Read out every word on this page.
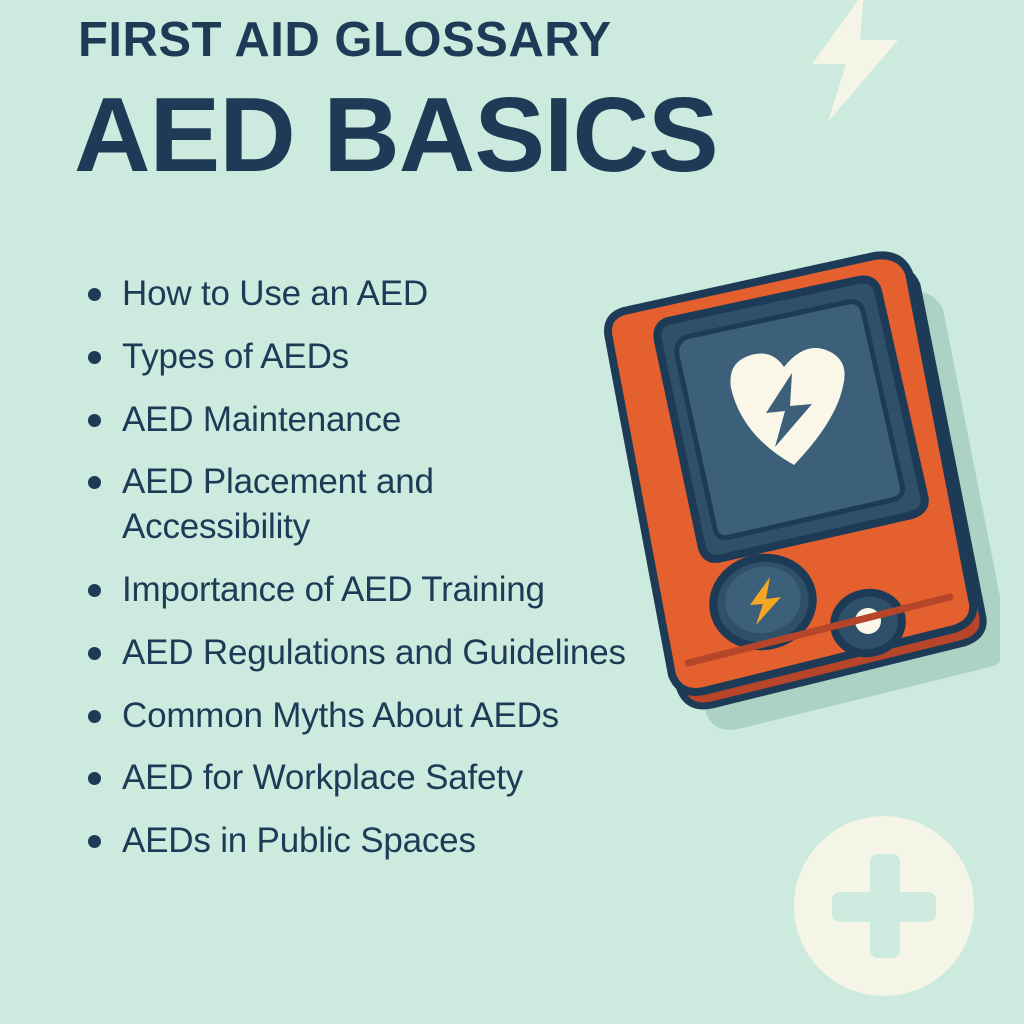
FIRST AID GLOSSARY
AED BASICS
How to Use an AED
Types of AEDs
AED Maintenance
AED Placement and Accessibility
Importance of AED Training
AED Regulations and Guidelines
Common Myths About AEDs
AED for Workplace Safety
AEDs in Public Spaces
